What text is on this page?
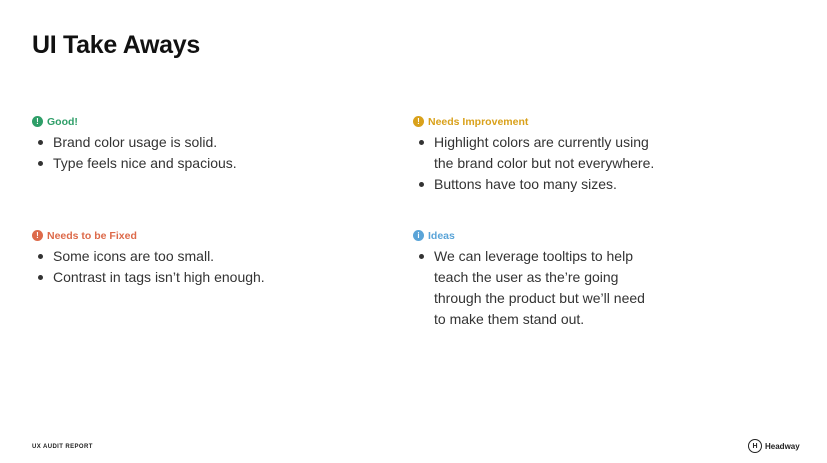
UI Take Aways
! Good!
Brand color usage is solid.
Type feels nice and spacious.
! Needs Improvement
Highlight colors are currently using
the brand color but not everywhere.
Buttons have too many sizes.
! Needs to be Fixed
Some icons are too small.
Contrast in tags isn’t high enough.
i Ideas
We can leverage tooltips to help
teach the user as the’re going
through the product but we’ll need
to make them stand out.
UX AUDIT REPORT	H Headway
